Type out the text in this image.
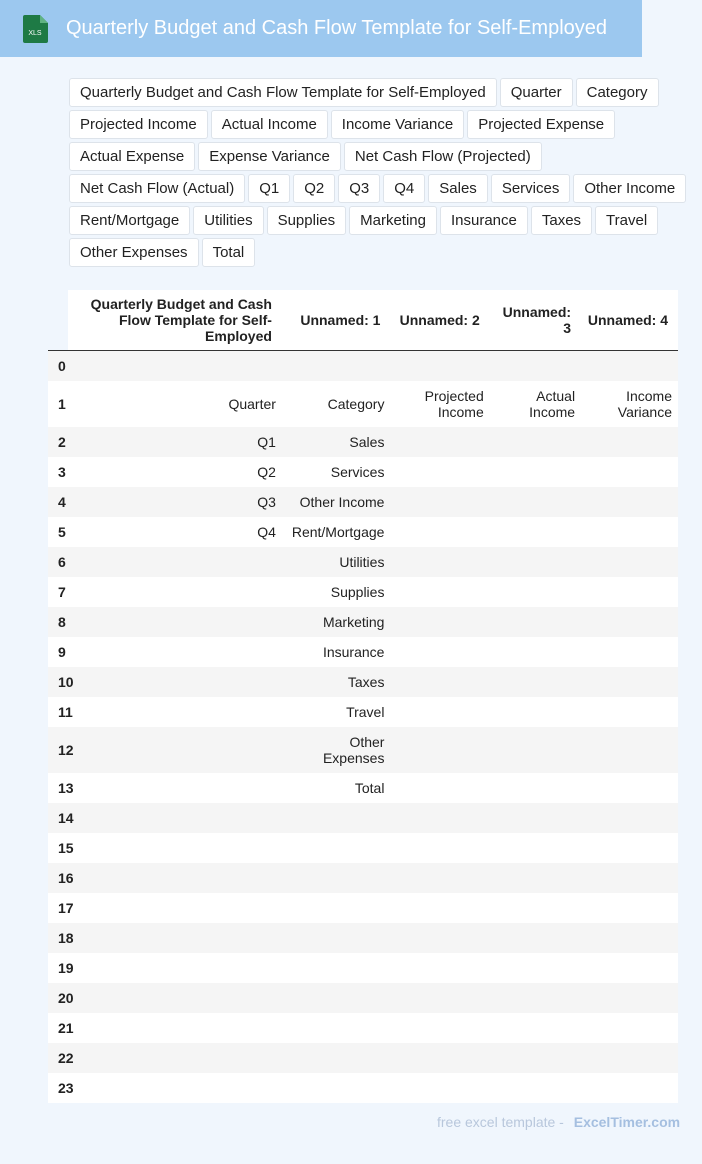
XLS Quarterly Budget and Cash Flow Template for Self-Employed
Quarterly Budget and Cash Flow Template for Self-Employed	Quarter	Category
Projected Income	Actual Income	Income Variance	Projected Expense
Actual Expense	Expense Variance	Net Cash Flow (Projected)
Net Cash Flow (Actual)	Q1	Q2	Q3	Q4	Sales	Services	Other Income
Rent/Mortgage	Utilities	Supplies	Marketing	Insurance	Taxes	Travel
Other Expenses	Total
	Quarterly Budget and Cash Flow Template for Self-Employed	Unnamed: 1	Unnamed: 2	Unnamed: 3	Unnamed: 4
0					
1	Quarter	Category	Projected Income	Actual Income	Income Variance
2	Q1	Sales			
3	Q2	Services			
4	Q3	Other Income			
5	Q4	Rent/Mortgage			
6		Utilities			
7		Supplies			
8		Marketing			
9		Insurance			
10		Taxes			
11		Travel			
12		Other Expenses			
13		Total			
14					
15					
16					
17					
18					
19					
20					
21					
22					
23					
free excel template - ExcelTimer.com
